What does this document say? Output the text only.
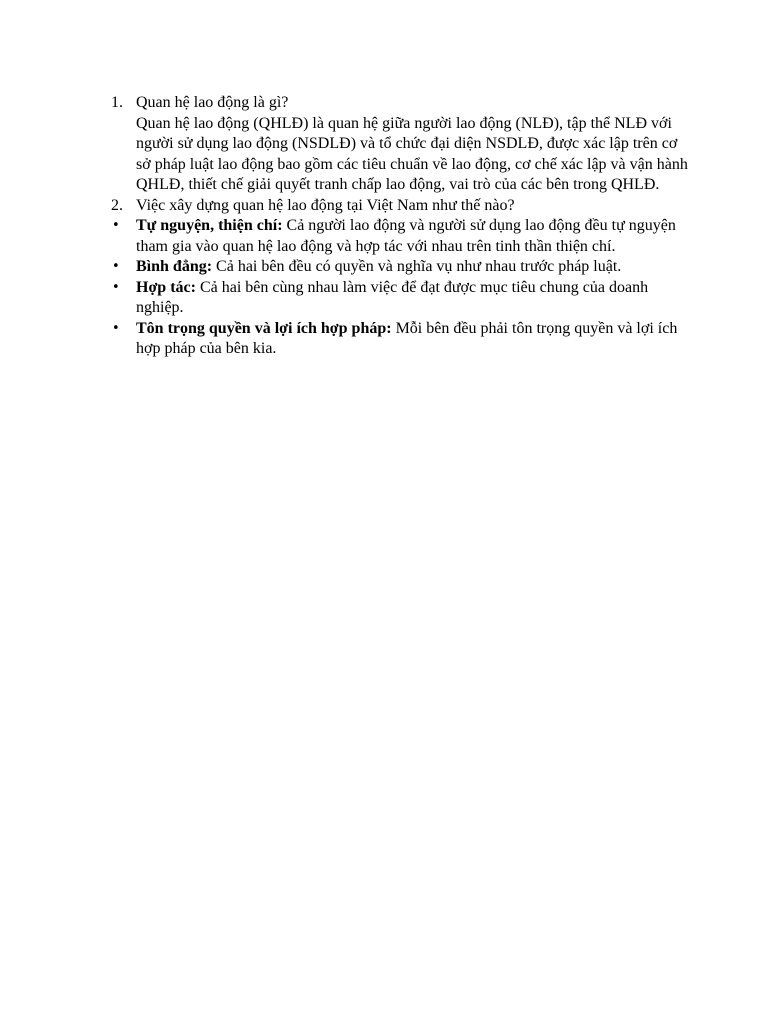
1. Quan hệ lao động là gì?

Quan hệ lao động (QHLĐ) là quan hệ giữa người lao động (NLĐ), tập thể NLĐ với người sử dụng lao động (NSDLĐ) và tổ chức đại diện NSDLĐ, được xác lập trên cơ sở pháp luật lao động bao gồm các tiêu chuẩn về lao động, cơ chế xác lập và vận hành QHLĐ, thiết chế giải quyết tranh chấp lao động, vai trò của các bên trong QHLĐ.

2. Việc xây dựng quan hệ lao động tại Việt Nam như thế nào?

• Tự nguyện, thiện chí: Cả người lao động và người sử dụng lao động đều tự nguyện tham gia vào quan hệ lao động và hợp tác với nhau trên tinh thần thiện chí.

• Bình đẳng: Cả hai bên đều có quyền và nghĩa vụ như nhau trước pháp luật.

• Hợp tác: Cả hai bên cùng nhau làm việc để đạt được mục tiêu chung của doanh nghiệp.

• Tôn trọng quyền và lợi ích hợp pháp: Mỗi bên đều phải tôn trọng quyền và lợi ích hợp pháp của bên kia.
